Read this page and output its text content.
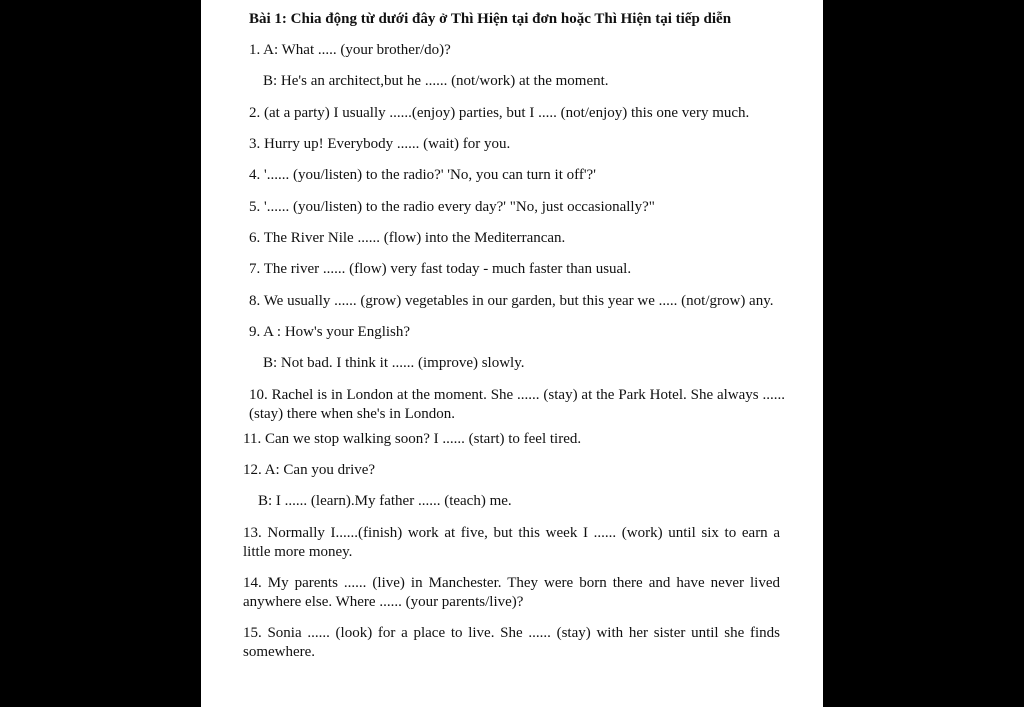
Bài 1: Chia động từ dưới đây ở Thì Hiện tại đơn hoặc Thì Hiện tại tiếp diễn
1. A: What ..... (your brother/do)?
B: He's an architect,but he ...... (not/work) at the moment.
2. (at a party) I usually ......(enjoy) parties, but I ..... (not/enjoy) this one very much.
3. Hurry up! Everybody ...... (wait) for you.
4. '...... (you/listen) to the radio?' 'No, you can turn it off'?'
5. '...... (you/listen) to the radio every day?' "No, just occasionally?"
6. The River Nile ...... (flow) into the Mediterrancan.
7. The river ...... (flow) very fast today - much faster than usual.
8. We usually ...... (grow) vegetables in our garden, but this year we ..... (not/grow) any.
9. A : How's your English?
B: Not bad. I think it ...... (improve) slowly.
10. Rachel is in London at the moment. She ...... (stay) at the Park Hotel. She always ...... (stay) there when she's in London.
11. Can we stop walking soon? I ...... (start) to feel tired.
12. A: Can you drive?
B: I ...... (learn).My father ...... (teach) me.
13. Normally I......(finish) work at five, but this week I ...... (work) until six to earn a little more money.
14. My parents ...... (live) in Manchester. They were born there and have never lived anywhere else. Where ...... (your parents/live)?
15. Sonia ...... (look) for a place to live. She ...... (stay) with her sister until she finds somewhere.
